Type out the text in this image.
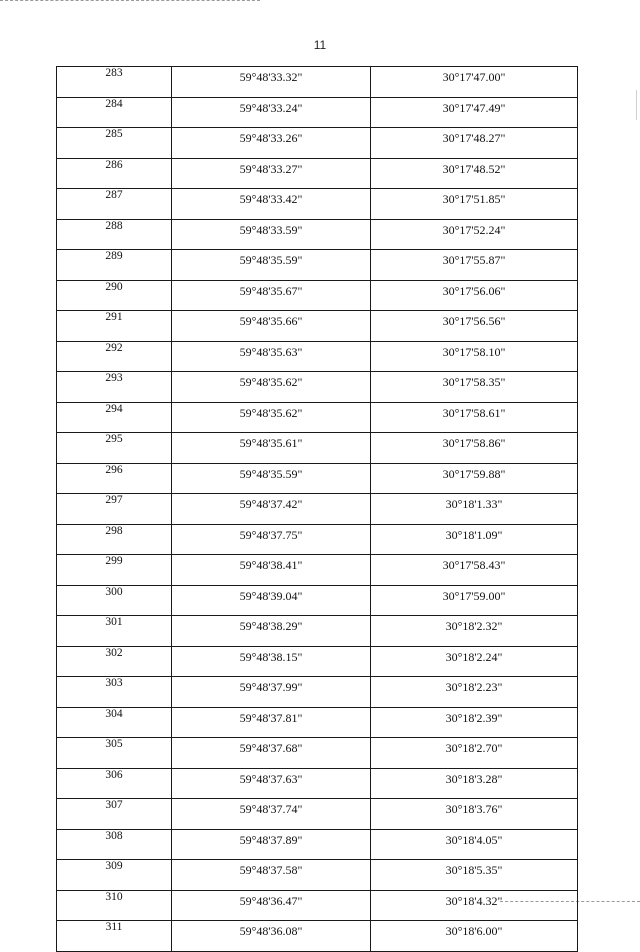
11
283	59°48'33.32"	30°17'47.00"
284	59°48'33.24"	30°17'47.49"
285	59°48'33.26"	30°17'48.27"
286	59°48'33.27"	30°17'48.52"
287	59°48'33.42"	30°17'51.85"
288	59°48'33.59"	30°17'52.24"
289	59°48'35.59"	30°17'55.87"
290	59°48'35.67"	30°17'56.06"
291	59°48'35.66"	30°17'56.56"
292	59°48'35.63"	30°17'58.10"
293	59°48'35.62"	30°17'58.35"
294	59°48'35.62"	30°17'58.61"
295	59°48'35.61"	30°17'58.86"
296	59°48'35.59"	30°17'59.88"
297	59°48'37.42"	30°18'1.33"
298	59°48'37.75"	30°18'1.09"
299	59°48'38.41"	30°17'58.43"
300	59°48'39.04"	30°17'59.00"
301	59°48'38.29"	30°18'2.32"
302	59°48'38.15"	30°18'2.24"
303	59°48'37.99"	30°18'2.23"
304	59°48'37.81"	30°18'2.39"
305	59°48'37.68"	30°18'2.70"
306	59°48'37.63"	30°18'3.28"
307	59°48'37.74"	30°18'3.76"
308	59°48'37.89"	30°18'4.05"
309	59°48'37.58"	30°18'5.35"
310	59°48'36.47"	30°18'4.32"
311	59°48'36.08"	30°18'6.00"
